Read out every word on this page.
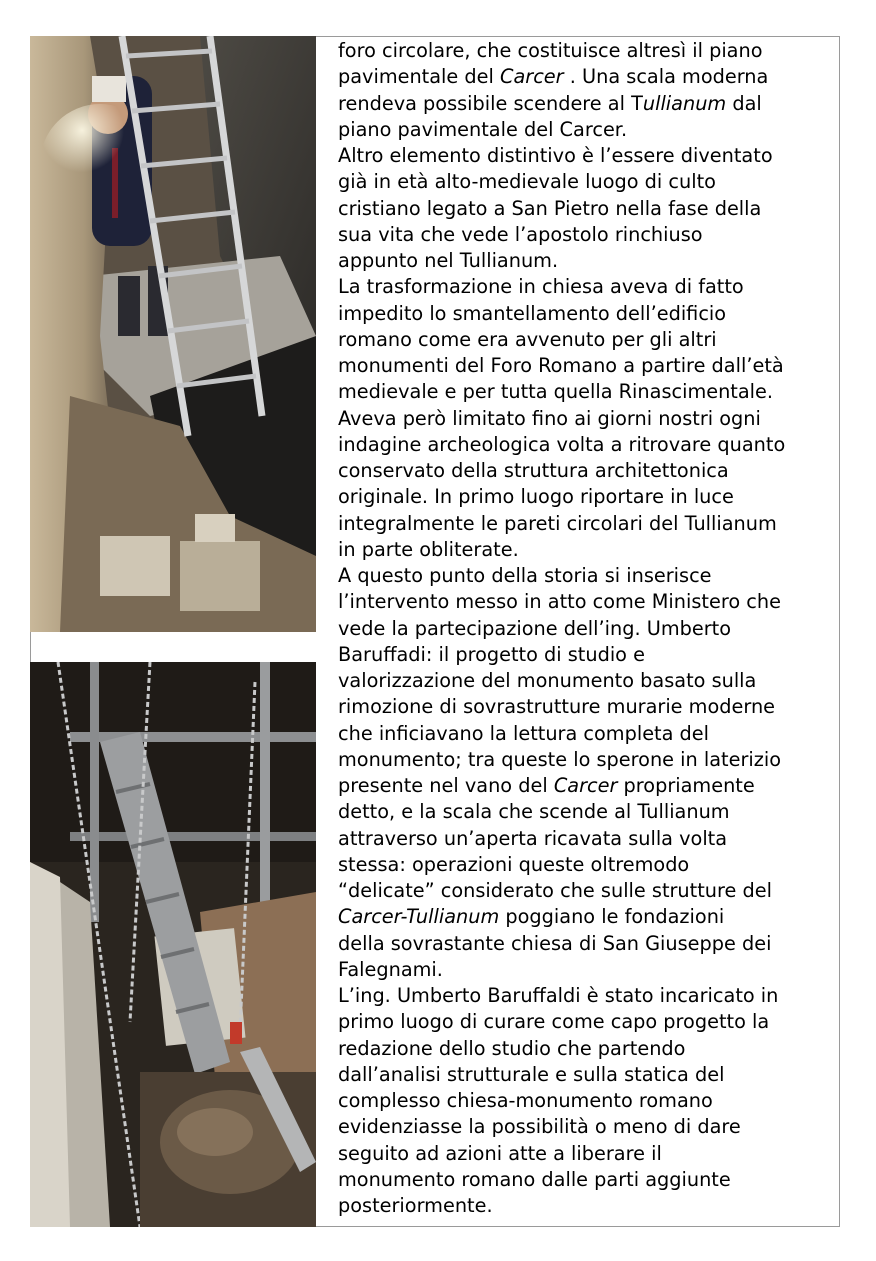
foro circolare, che costituisce altresì il piano
pavimentale del Carcer . Una scala moderna
rendeva possibile scendere al Tullianum dal
piano pavimentale del Carcer.

Altro elemento distintivo è l’essere diventato
già in età alto-medievale luogo di culto
cristiano legato a San Pietro nella fase della
sua vita che vede l’apostolo rinchiuso
appunto nel Tullianum.

La trasformazione in chiesa aveva di fatto
impedito lo smantellamento dell’edificio
romano come era avvenuto per gli altri
monumenti del Foro Romano a partire dall’età
medievale e per tutta quella Rinascimentale.
Aveva però limitato fino ai giorni nostri ogni
indagine archeologica volta a ritrovare quanto
conservato della struttura architettonica
originale. In primo luogo riportare in luce
integralmente le pareti circolari del Tullianum
in parte obliterate.

A questo punto della storia si inserisce
l’intervento messo in atto come Ministero che
vede la partecipazione dell’ing. Umberto
Baruffadi: il progetto di studio e
valorizzazione del monumento basato sulla
rimozione di sovrastrutture murarie moderne
che inficiavano la lettura completa del
monumento; tra queste lo sperone in laterizio
presente nel vano del Carcer propriamente
detto, e la scala che scende al Tullianum
attraverso un’aperta ricavata sulla volta
stessa: operazioni queste oltremodo
“delicate” considerato che sulle strutture del
Carcer-Tullianum poggiano le fondazioni
della sovrastante chiesa di San Giuseppe dei
Falegnami.

L’ing. Umberto Baruffaldi è stato incaricato in
primo luogo di curare come capo progetto la
redazione dello studio che partendo
dall’analisi strutturale e sulla statica del
complesso chiesa-monumento romano
evidenziasse la possibilità o meno di dare
seguito ad azioni atte a liberare il
monumento romano dalle parti aggiunte
posteriormente.
